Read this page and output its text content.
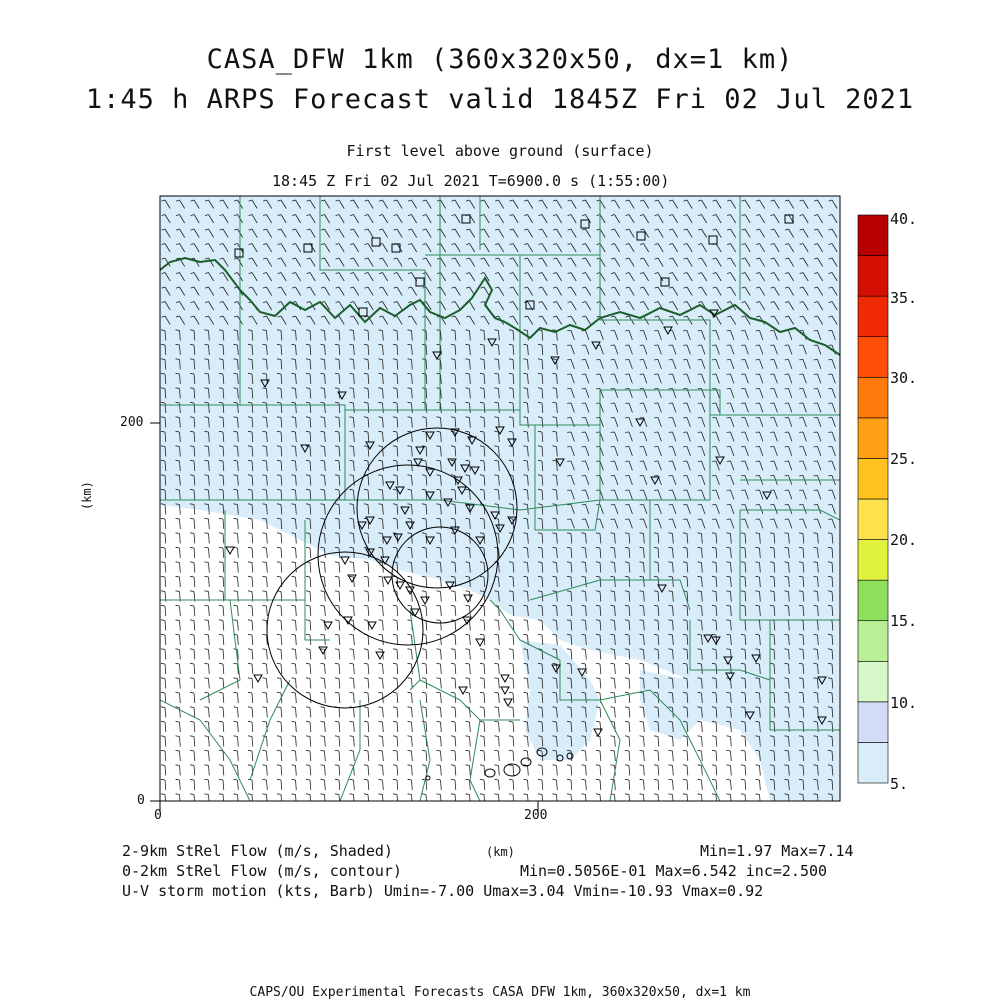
CASA_DFW 1km (360x320x50, dx=1 km)
1:45 h ARPS Forecast valid 1845Z Fri 02 Jul 2021
First level above ground (surface)
18:45 Z Fri 02 Jul 2021 T=6900.0 s (1:55:00)
0	200
0
200
(km)
(km)
40.
35.
30.
25.
20.
15.
10.
5.
2-9km StRel Flow (m/s, Shaded)	Min=1.97 Max=7.14
0-2km StRel Flow (m/s, contour)	Min=0.5056E-01 Max=6.542 inc=2.500
U-V storm motion (kts, Barb) Umin=-7.00 Umax=3.04 Vmin=-10.93 Vmax=0.92
CAPS/OU Experimental Forecasts CASA DFW 1km, 360x320x50, dx=1 km
